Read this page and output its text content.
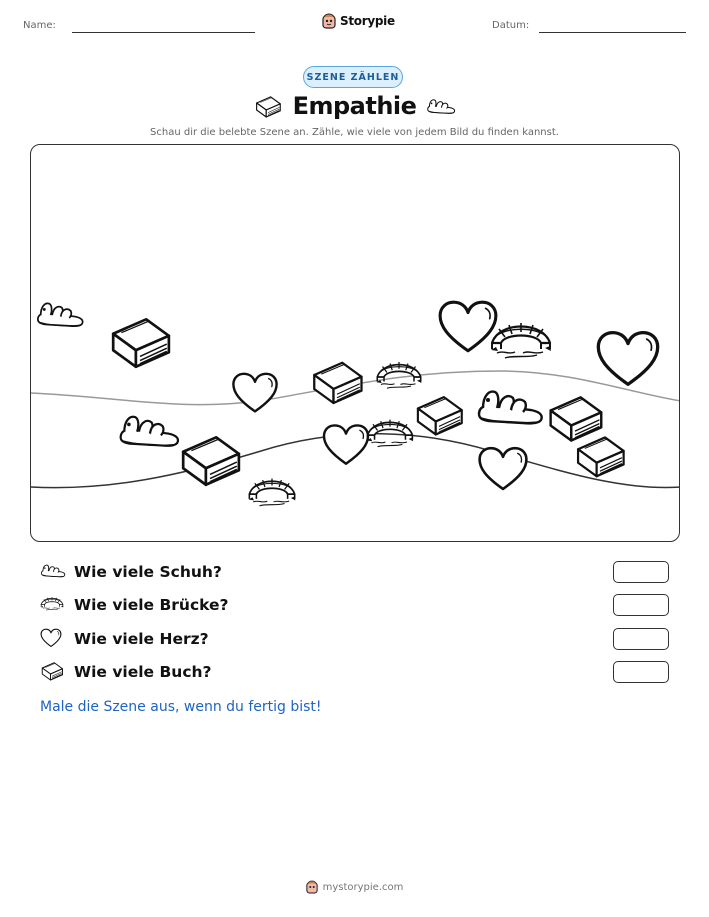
Name:	Storypie	Datum:
SZENE ZÄHLEN
Empathie
Schau dir die belebte Szene an. Zähle, wie viele von jedem Bild du finden kannst.
Wie viele Schuh?
Wie viele Brücke?
Wie viele Herz?
Wie viele Buch?
Male die Szene aus, wenn du fertig bist!
mystorypie.com
